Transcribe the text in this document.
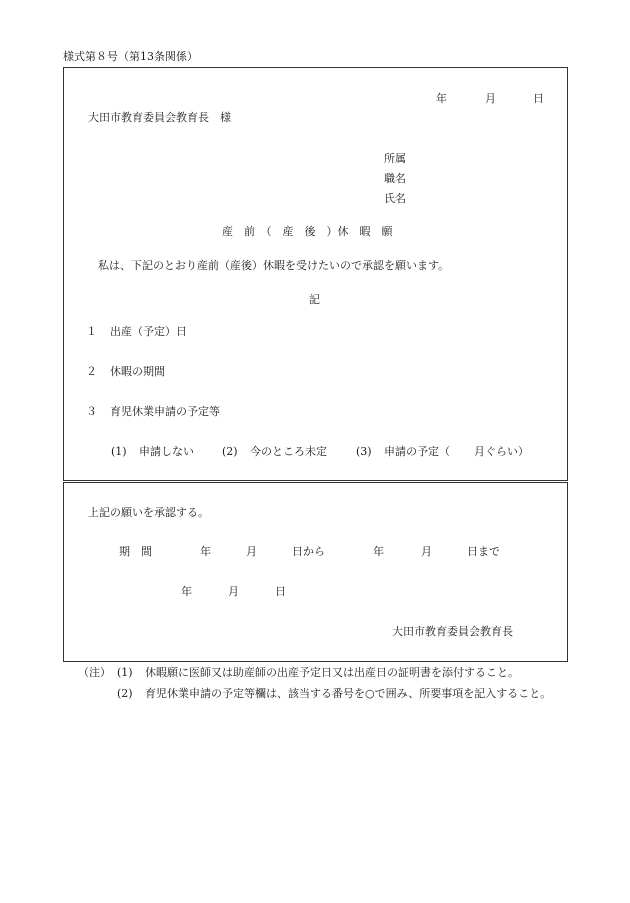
様式第８号（第13条関係）
年	月	日
大田市教育委員会教育長　様
所属
職名
氏名
産　前　（　産　後　）休　暇　願
私は、下記のとおり産前（産後）休暇を受けたいので承認を願います。
記
１ 出産（予定）日
２ 休暇の期間
３ 育児休業申請の予定等
(1) 申請しない	(2) 今のところ未定	(3) 申請の予定（ 月ぐらい）
上記の願いを承認する。
期　間	年	月	日から	年	月	日まで
年	月	日
大田市教育委員会教育長
（注） (1) 休暇願に医師又は助産師の出産予定日又は出産日の証明書を添付すること。
(2) 育児休業申請の予定等欄は、該当する番号を○で囲み、所要事項を記入すること。
